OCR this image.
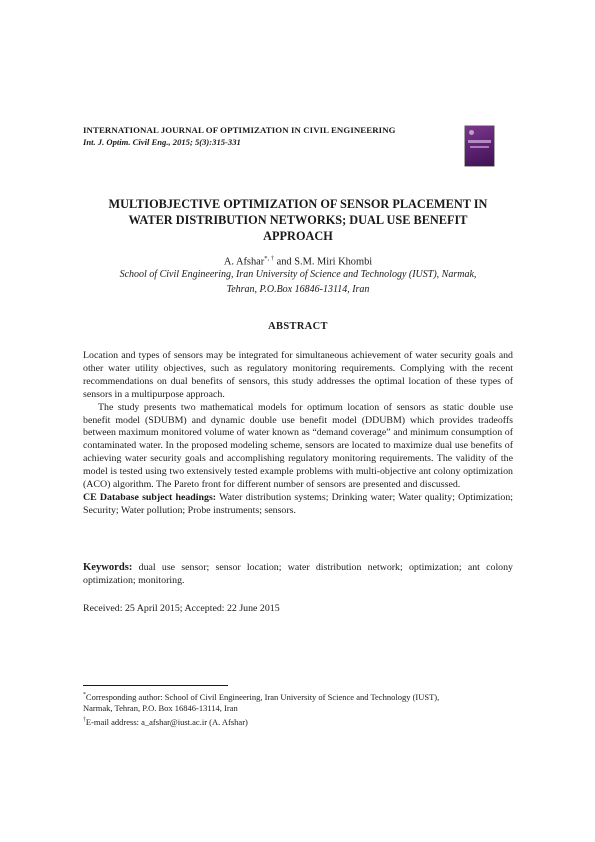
INTERNATIONAL JOURNAL OF OPTIMIZATION IN CIVIL ENGINEERING
Int. J. Optim. Civil Eng., 2015; 5(3):315-331
MULTIOBJECTIVE OPTIMIZATION OF SENSOR PLACEMENT IN
WATER DISTRIBUTION NETWORKS; DUAL USE BENEFIT
APPROACH
A. Afshar*, † and S.M. Miri Khombi
School of Civil Engineering, Iran University of Science and Technology (IUST), Narmak,
Tehran, P.O.Box 16846-13114, Iran
ABSTRACT

Location and types of sensors may be integrated for simultaneous achievement of water security goals and other water utility objectives, such as regulatory monitoring requirements. Complying with the recent recommendations on dual benefits of sensors, this study addresses the optimal location of these types of sensors in a multipurpose approach.

The study presents two mathematical models for optimum location of sensors as static double use benefit model (SDUBM) and dynamic double use benefit model (DDUBM) which provides tradeoffs between maximum monitored volume of water known as “demand coverage” and minimum consumption of contaminated water. In the proposed modeling scheme, sensors are located to maximize dual use benefits of achieving water security goals and accomplishing regulatory monitoring requirements. The validity of the model is tested using two extensively tested example problems with multi-objective ant colony optimization (ACO) algorithm. The Pareto front for different number of sensors are presented and discussed.

CE Database subject headings: Water distribution systems; Drinking water; Water quality; Optimization; Security; Water pollution; Probe instruments; sensors.

Keywords: dual use sensor; sensor location; water distribution network; optimization; ant colony optimization; monitoring.
Received: 25 April 2015; Accepted: 22 June 2015

*Corresponding author: School of Civil Engineering, Iran University of Science and Technology (IUST),

Narmak, Tehran, P.O. Box 16846-13114, Iran

†E-mail address: a_afshar@iust.ac.ir (A. Afshar)
